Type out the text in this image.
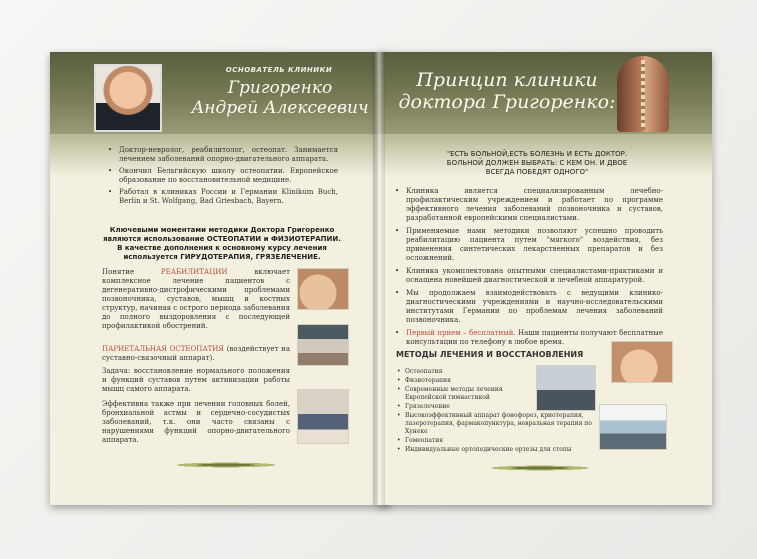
ОСНОВАТЕЛЬ КЛИНИКИ
Григоренко
Андрей Алексеевич
• Доктор-невролог, реабилитолог, остеопат. Занимается лечением заболеваний опорно-двигательного аппарата.
• Окончил Бельгийскую школу остеопатии. Европейское образование по восстановительной медицине.
• Работал в клиниках России и Германии Klinikum Buch, Berlin и St. Wolfgang, Bad Griesbach, Bayern.
Ключевыми моментами методики Доктора Григоренко являются использование ОСТЕОПАТИИ и ФИЗИОТЕРАПИИ. В качестве дополнения к основному курсу лечения используется ГИРУДОТЕРАПИЯ, ГРЯЗЕЛЕЧЕНИЕ.
Понятие РЕАБИЛИТАЦИИ включает комплексное лечение пациентов с дегенеративно-дистрофическими проблемами позвоночника, суставов, мышц и костных структур, начиная с острого периода заболевания до полного выздоровления с последующей профилактикой обострений.
ПАРИЕТАЛЬНАЯ ОСТЕОПАТИЯ (воздействует на суставно-связочный аппарат).
Задача: восстановление нормального положения и функций суставов путем активизации работы мышц самого аппарата.
Эффективна также при лечении головных болей, бронхиальной астмы и сердечно-сосудистых заболеваний, т.к. они часто связаны с нарушениями функций опорно-двигательного аппарата.
Принцип клиники
доктора Григоренко:
"ЕСТЬ БОЛЬНОЙ,ЕСТЬ БОЛЕЗНЬ И ЕСТЬ ДОКТОР. БОЛЬНОЙ ДОЛЖЕН ВЫБРАТЬ: С КЕМ ОН. И ДВОЕ ВСЕГДА ПОБЕДЯТ ОДНОГО"
• Клиника является специализированным лечебно-профилактическим учреждением и работает по программе эффективного лечения заболеваний позвоночника и суставов, разработанной европейскими специалистами.
• Применяемые нами методики позволяют успешно проводить реабилитацию пациента путем "мягкого" воздействия, без применения синтетических лекарственных препаратов и без осложнений.
• Клиника укомплектована опытными специалистами-практиками и оснащена новейшей диагностической и лечебной аппаратурой.
• Мы продолжаем взаимодействовать с ведущими клинико-диагностическими учреждениями и научно-исследовательскими институтами Германии по проблемам лечения заболеваний позвоночника.
• Первый прием – бесплатный. Наши пациенты получают бесплатные консультации по телефону в любое время.
МЕТОДЫ ЛЕЧЕНИЯ И ВОССТАНОВЛЕНИЯ
• Остеопатия
• Физиотерапия
• Современные методы лечения Европейской гимнастикой
• Грязелечение
• Высокоэффективный аппарат фонофорез, криотерапия, лазеротерапия, фармакопунктура, невральная терапия по Хунеке
• Гомеопатия
• Индивидуальные ортопедические ортезы для стопы
